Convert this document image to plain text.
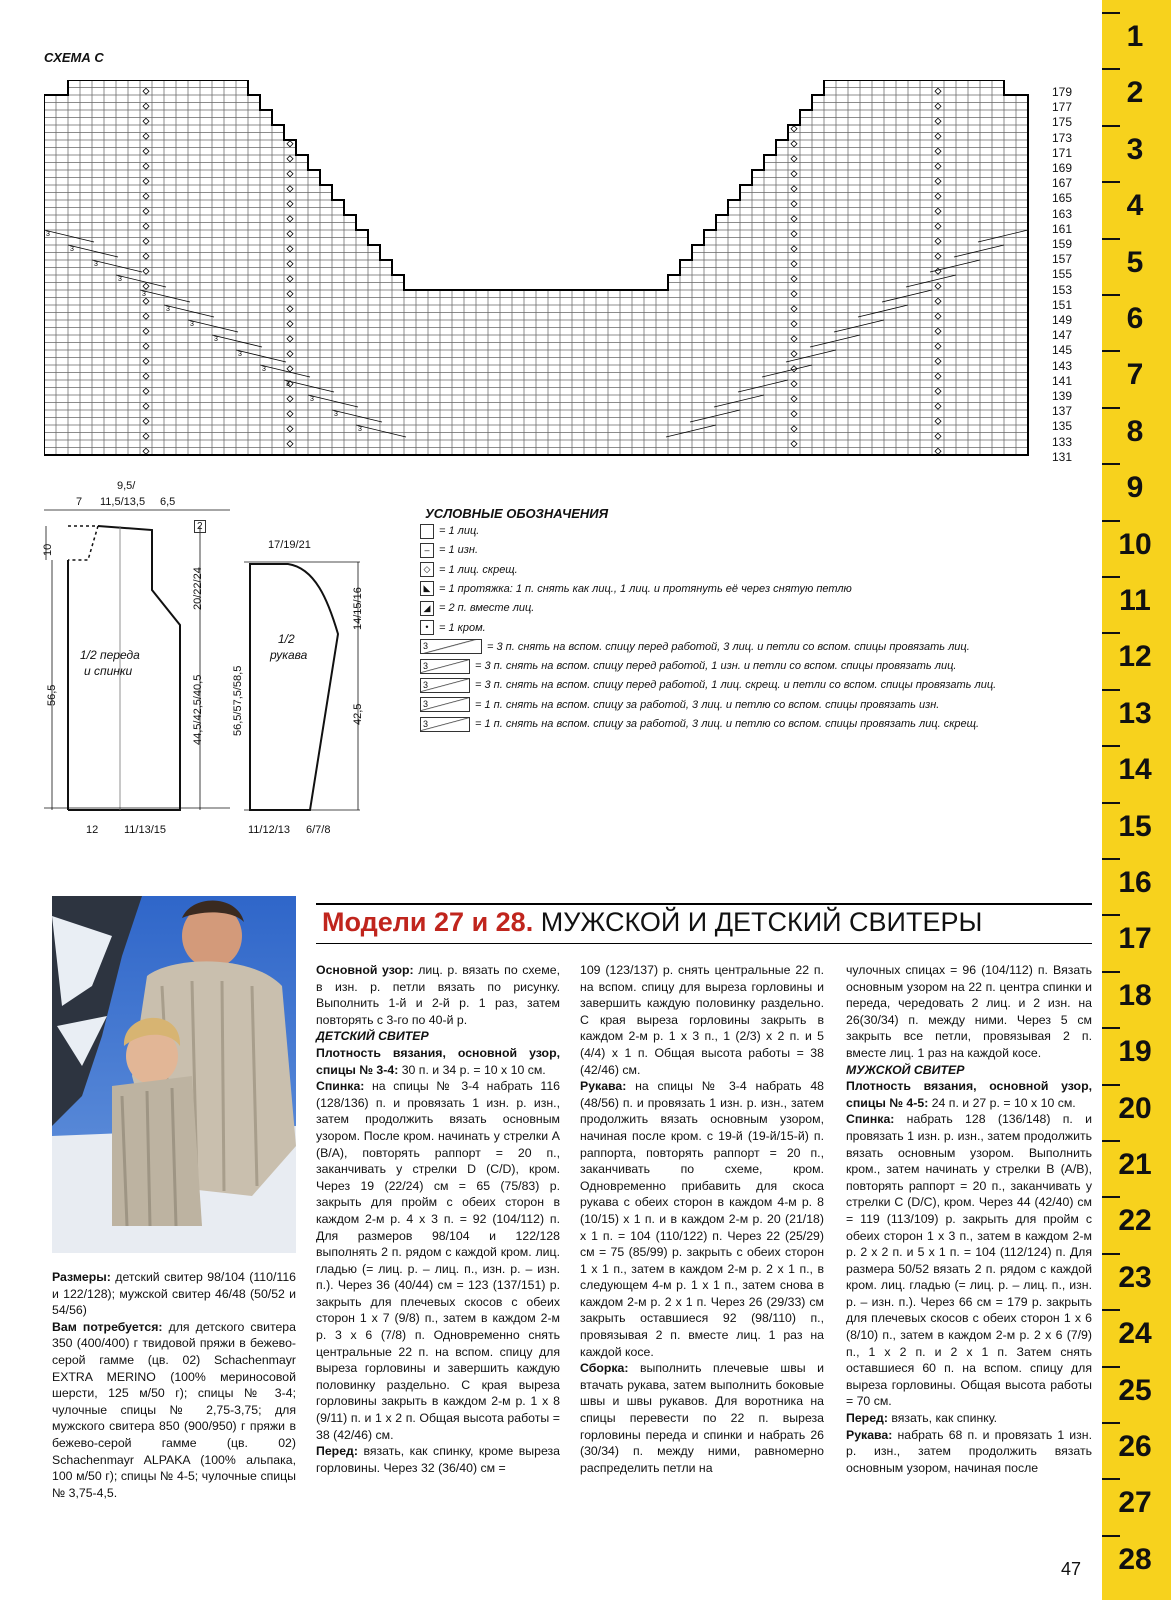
СХЕМА С
3
3
3
3
3
3
3
3
3
3
3
3
3
3
179
177
175
173
171
169
167
165
163
161
159
157
155
153
151
149
147
145
143
141
139
137
135
133
131
УСЛОВНЫЕ ОБОЗНАЧЕНИЯ
= 1 лиц.
– = 1 изн.
◇ = 1 лиц. скрещ.
◣ = 1 протяжка: 1 п. снять как лиц., 1 лиц. и протянуть её через снятую петлю
◢ = 2 п. вместе лиц.
• = 1 кром.
3	= 3 п. снять на вспом. спицу перед работой, 3 лиц. и петли со вспом. спицы провязать лиц.
3	= 3 п. снять на вспом. спицу перед работой, 1 изн. и петли со вспом. спицы провязать лиц.
3	= 3 п. снять на вспом. спицу перед работой, 1 лиц. скрещ. и петли со вспом. спицы провязать лиц.
3	= 1 п. снять на вспом. спицу за работой, 3 лиц. и петлю со вспом. спицы провязать изн.
3	= 1 п. снять на вспом. спицу за работой, 3 лиц. и петлю со вспом. спицы провязать лиц. скрещ.
9,5/
7 11,5/13,5 6,5
10
2
20/22/24
1/2 переда
и спинки
56,5	44,5/42,5/40,5
12 11/13/15
17/19/21
14/15/16
1/2
рукава
56,5/57,5/58,5	42,5
11/12/13 6/7/8
1
2
3
4
5
6
7
8
9
10
11
12
13
14
15
16
17
18
19
20
21
22
23
24
25
26
27
28
Модели 27 и 28. МУЖСКОЙ И ДЕТСКИЙ СВИТЕРЫ

Размеры: детский свитер 98/104 (110/116 и 122/128); мужской свитер 46/48 (50/52 и 54/56)

Вам потребуется: для детского свитера 350 (400/400) г твидовой пряжи в бежево-серой гамме (цв. 02) Schachenmayr EXTRA MERINO (100% мериносовой шерсти, 125 м/50 г); спицы № 3-4; чулочные спицы № 2,75-3,75; для мужского свитера 850 (900/950) г пряжи в бежево-серой гамме (цв. 02) Schachenmayr ALPAKA (100% альпака, 100 м/50 г); спицы № 4-5; чулочные спицы № 3,75-4,5.

Основной узор: лиц. р. вязать по схеме, в изн. р. петли вязать по рисунку. Выполнить 1-й и 2-й р. 1 раз, затем повторять с 3-го по 40-й р.

ДЕТСКИЙ СВИТЕР

Плотность вязания, основной узор, спицы № 3-4: 30 п. и 34 р. = 10 х 10 см.

Спинка: на спицы № 3-4 набрать 116 (128/136) п. и провязать 1 изн. р. изн., затем продолжить вязать основным узором. После кром. начинать у стрелки А (В/А), повторять раппорт = 20 п., заканчивать у стрелки D (C/D), кром. Через 19 (22/24) см = 65 (75/83) р. закрыть для пройм с обеих сторон в каждом 2-м р. 4 х 3 п. = 92 (104/112) п. Для размеров 98/104 и 122/128 выполнять 2 п. рядом с каждой кром. лиц. гладью (= лиц. р. – лиц. п., изн. р. – изн. п.). Через 36 (40/44) см = 123 (137/151) р. закрыть для плечевых скосов с обеих сторон 1 х 7 (9/8) п., затем в каждом 2-м р. 3 х 6 (7/8) п. Одновременно снять центральные 22 п. на вспом. спицу для выреза горловины и завершить каждую половинку раздельно. С края выреза горловины закрыть в каждом 2-м р. 1 х 8 (9/11) п. и 1 х 2 п. Общая высота работы = 38 (42/46) см.

Перед: вязать, как спинку, кроме выреза горловины. Через 32 (36/40) см =

109 (123/137) р. снять центральные 22 п. на вспом. спицу для выреза горловины и завершить каждую половинку раздельно. С края выреза горловины закрыть в каждом 2-м р. 1 х 3 п., 1 (2/3) х 2 п. и 5 (4/4) х 1 п. Общая высота работы = 38 (42/46) см.

Рукава: на спицы № 3-4 набрать 48 (48/56) п. и провязать 1 изн. р. изн., затем продолжить вязать основным узором, начиная после кром. с 19-й (19-й/15-й) п. раппорта, повторять раппорт = 20 п., заканчивать по схеме, кром. Одновременно прибавить для скоса рукава с обеих сторон в каждом 4-м р. 8 (10/15) х 1 п. и в каждом 2-м р. 20 (21/18) х 1 п. = 104 (110/122) п. Через 22 (25/29) см = 75 (85/99) р. закрыть с обеих сторон 1 х 1 п., затем в каждом 2-м р. 2 х 1 п., в следующем 4-м р. 1 х 1 п., затем снова в каждом 2-м р. 2 х 1 п. Через 26 (29/33) см закрыть оставшиеся 92 (98/110) п., провязывая 2 п. вместе лиц. 1 раз на каждой косе.

Сборка: выполнить плечевые швы и втачать рукава, затем выполнить боковые швы и швы рукавов. Для воротника на спицы перевести по 22 п. выреза горловины переда и спинки и набрать 26 (30/34) п. между ними, равномерно распределить петли на

чулочных спицах = 96 (104/112) п. Вязать основным узором на 22 п. центра спинки и переда, чередовать 2 лиц. и 2 изн. на 26(30/34) п. между ними. Через 5 см закрыть все петли, провязывая 2 п. вместе лиц. 1 раз на каждой косе.

МУЖСКОЙ СВИТЕР

Плотность вязания, основной узор, спицы № 4-5: 24 п. и 27 р. = 10 х 10 см.

Спинка: набрать 128 (136/148) п. и провязать 1 изн. р. изн., затем продолжить вязать основным узором. Выполнить кром., затем начинать у стрелки В (А/В), повторять раппорт = 20 п., заканчивать у стрелки С (D/C), кром. Через 44 (42/40) см = 119 (113/109) р. закрыть для пройм с обеих сторон 1 х 3 п., затем в каждом 2-м р. 2 х 2 п. и 5 х 1 п. = 104 (112/124) п. Для размера 50/52 вязать 2 п. рядом с каждой кром. лиц. гладью (= лиц. р. – лиц. п., изн. р. – изн. п.). Через 66 см = 179 р. закрыть для плечевых скосов с обеих сторон 1 х 6 (8/10) п., затем в каждом 2-м р. 2 х 6 (7/9) п., 1 х 2 п. и 2 х 1 п. Затем снять оставшиеся 60 п. на вспом. спицу для выреза горловины. Общая высота работы = 70 см.

Перед: вязать, как спинку.

Рукава: набрать 68 п. и провязать 1 изн. р. изн., затем продолжить вязать основным узором, начиная после

47
